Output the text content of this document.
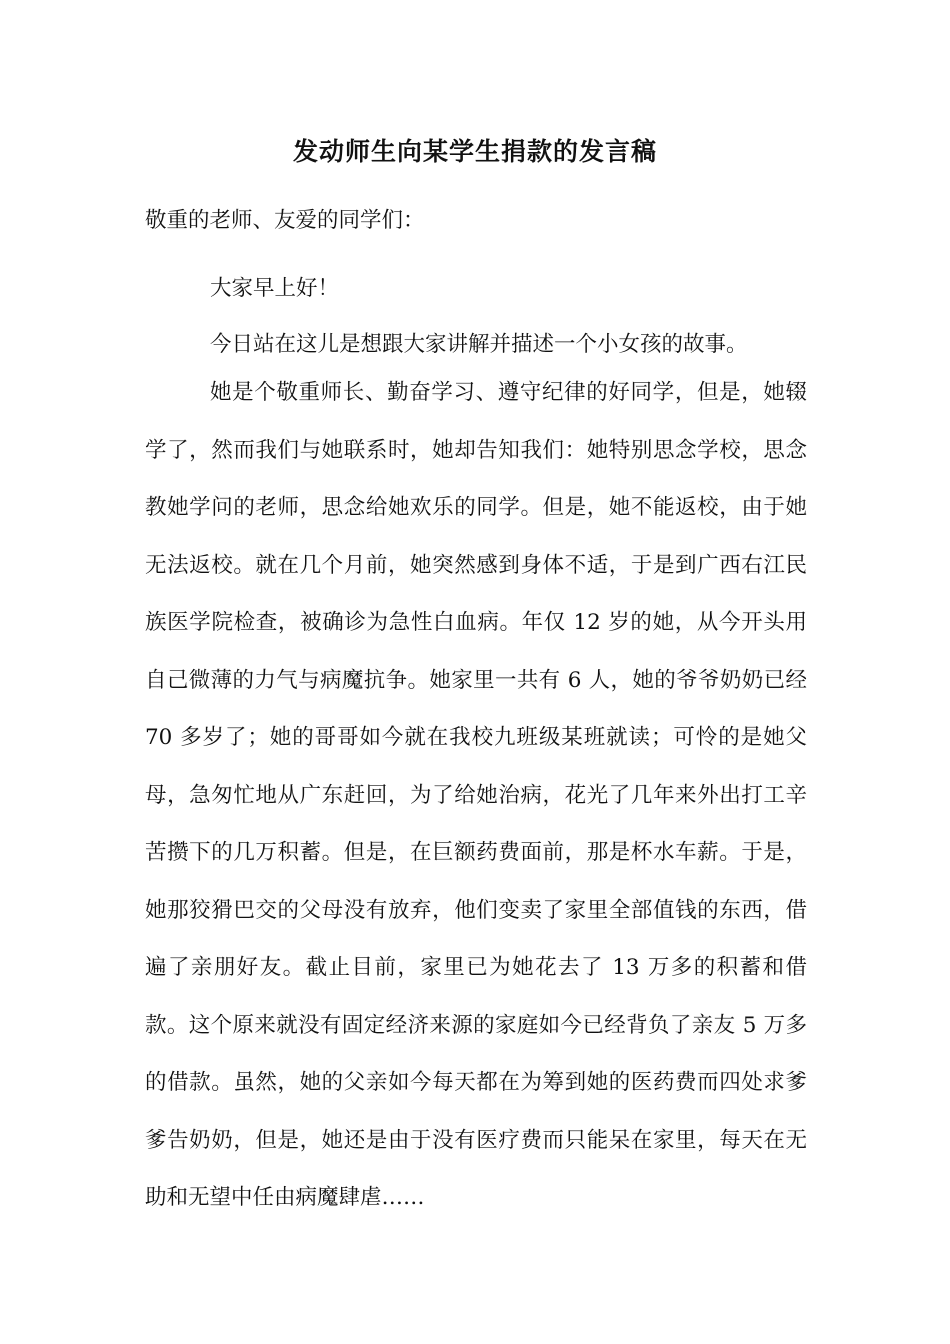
发动师生向某学生捐款的发言稿
敬重的老师、友爱的同学们：

大家早上好！

今日站在这儿是想跟大家讲解并描述一个小女孩的故事。

她是个敬重师长、勤奋学习、遵守纪律的好同学，但是，她辍学了，然而我们与她联系时，她却告知我们：她特别思念学校，思念教她学问的老师，思念给她欢乐的同学。但是，她不能返校，由于她无法返校。就在几个月前，她突然感到身体不适，于是到广西右江民族医学院检查，被确诊为急性白血病。年仅 12 岁的她，从今开头用自己微薄的力气与病魔抗争。她家里一共有 6 人，她的爷爷奶奶已经 70 多岁了；她的哥哥如今就在我校九班级某班就读；可怜的是她父母，急匆忙地从广东赶回，为了给她治病，花光了几年来外出打工辛苦攒下的几万积蓄。但是，在巨额药费面前，那是杯水车薪。于是，她那狡猾巴交的父母没有放弃，他们变卖了家里全部值钱的东西，借遍了亲朋好友。截止目前，家里已为她花去了 13 万多的积蓄和借款。这个原来就没有固定经济来源的家庭如今已经背负了亲友 5 万多的借款。虽然，她的父亲如今每天都在为筹到她的医药费而四处求爹爹告奶奶，但是，她还是由于没有医疗费而只能呆在家里，每天在无助和无望中任由病魔肆虐……
